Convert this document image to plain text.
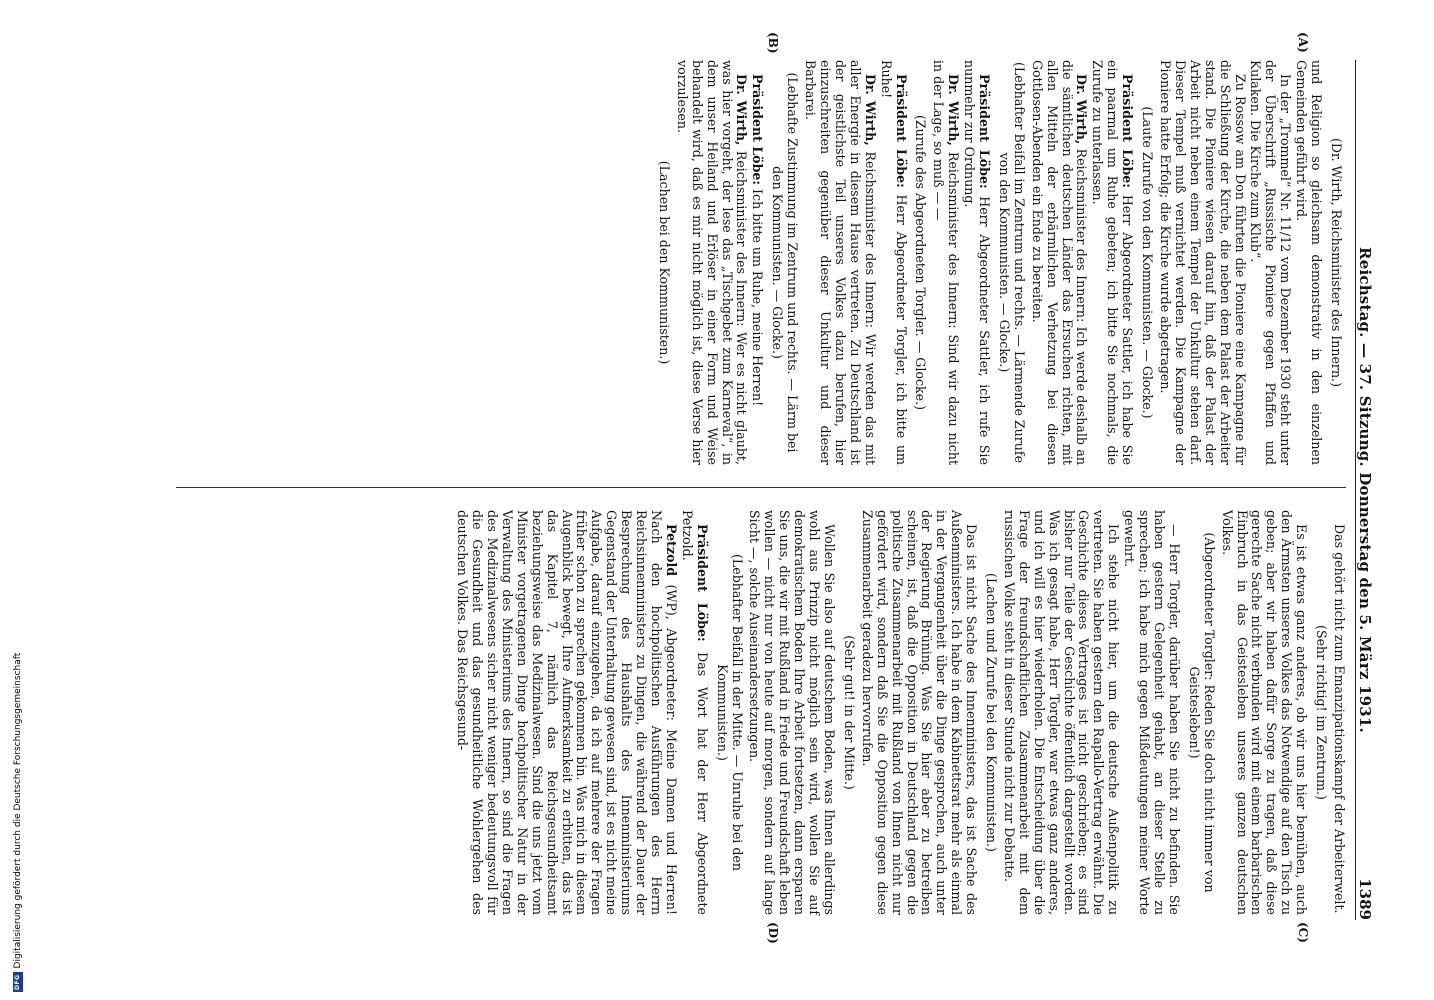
DFG
Digitalisierung gefördert durch die Deutsche Forschungsgemeinschaft
Reichstag. — 37. Sitzung. Donnerstag den 5. März 1931.
1389
(A)
(B)
(C)
(D)

(Dr. Wirth, Reichsminister des Innern.)

und Religion so gleichsam demonstrativ in den einzelnen Gemeinden geführt wird.

In der „Trommel“ Nr. 11/12 vom Dezember 1930 steht unter der Überschrift „Russische Pioniere gegen Pfaffen und Kulaken. Die Kirche zum Klub“.

Zu Rossow am Don führten die Pioniere eine Kampagne für die Schließung der Kirche, die neben dem Palast der Arbeiter stand. Die Pioniere wiesen darauf hin, daß der Palast der Arbeit nicht neben einem Tempel der Unkultur stehen darf. Dieser Tempel muß vernichtet werden. Die Kampagne der Pioniere hatte Erfolg; die Kirche wurde abgetragen.

(Laute Zurufe von den Kommunisten. — Glocke.)

Präsident Löbe: Herr Abgeordneter Sattler, ich habe Sie ein paarmal um Ruhe gebeten; ich bitte Sie nochmals, die Zurufe zu unterlassen.

Dr. Wirth, Reichsminister des Innern: Ich werde deshalb an die sämtlichen deutschen Länder das Ersuchen richten, mit allen Mitteln der erbärmlichen Verhetzung bei diesen Gottlosen-Abenden ein Ende zu bereiten.

(Lebhafter Beifall im Zentrum und rechts. — Lärmende Zurufe von den Kommunisten. — Glocke.)

Präsident Löbe: Herr Abgeordneter Sattler, ich rufe Sie nunmehr zur Ordnung.

Dr. Wirth, Reichsminister des Innern: Sind wir dazu nicht in der Lage, so muß — —

(Zurufe des Abgeordneten Torgler. — Glocke.)

Präsident Löbe: Herr Abgeordneter Torgler, ich bitte um Ruhe!

Dr. Wirth, Reichsminister des Innern: Wir werden das mit aller Energie in diesem Hause vertreten. Zu Deutschland ist der geistlichste Teil unseres Volkes dazu berufen, hier einzuschreiten gegenüber dieser Unkultur und dieser Barbarei.

(Lebhafte Zustimmung im Zentrum und rechts. — Lärm bei den Kommunisten. — Glocke.)

Präsident Löbe: Ich bitte um Ruhe, meine Herren!

Dr. Wirth, Reichsminister des Innern: Wer es nicht glaubt, was hier vorgeht, der lese das „Tischgebet zum Karneval“, in dem unser Heiland und Erlöser in einer Form und Weise behandelt wird, daß es mir nicht möglich ist, diese Verse hier vorzulesen.

(Lachen bei den Kommunisten.)

Das gehört nicht zum Emanzipationskampf der Arbeiterwelt.

(Sehr richtig! im Zentrum.)

Es ist etwas ganz anderes, ob wir uns hier bemühen, auch den Ärmsten unseres Volkes das Notwendige auf den Tisch zu geben; aber wir haben dafür Sorge zu tragen, daß diese gerechte Sache nicht verbunden wird mit einem barbarischen Einbruch in das Geistesleben unseres ganzen deutschen Volkes.

(Abgeordneter Torgler: Reden Sie doch nicht immer von Geistesleben!)

— Herr Torgler, darüber haben Sie nicht zu befinden. Sie haben gestern Gelegenheit gehabt, an dieser Stelle zu sprechen; ich habe mich gegen Mißdeutungen meiner Worte gewehrt.

Ich stehe nicht hier, um die deutsche Außenpolitik zu vertreten. Sie haben gestern den Rapallo-Vertrag erwähnt. Die Geschichte dieses Vertrages ist nicht geschrieben; es sind bisher nur Teile der Geschichte öffentlich dargestellt worden. Was ich gesagt habe, Herr Torgler, war etwas ganz anderes, und ich will es hier wiederholen. Die Entscheidung über die Frage der freundschaftlichen Zusammenarbeit mit dem russischen Volke steht in dieser Stunde nicht zur Debatte.

(Lachen und Zurufe bei den Kommunisten.)

Das ist nicht Sache des Innenministers, das ist Sache des Außenministers. Ich habe in dem Kabinettsrat mehr als einmal in der Vergangenheit über die Dinge gesprochen, auch unter der Regierung Brüning. Was Sie hier aber zu betreiben scheinen, ist, daß die Opposition in Deutschland gegen die politische Zusammenarbeit mit Rußland von Ihnen nicht nur gefördert wird, sondern daß Sie die Opposition gegen diese Zusammenarbeit geradezu hervorrufen.

(Sehr gut! in der Mitte.)

Wollen Sie also auf deutschem Boden, was Ihnen allerdings wohl aus Prinzip nicht möglich sein wird, wollen Sie auf demokratischem Boden Ihre Arbeit fortsetzen, dann ersparen Sie uns, die wir mit Rußland in Friede und Freundschaft leben wollen — nicht nur von heute auf morgen, sondern auf lange Sicht —, solche Auseinandersetzungen.

(Lebhafter Beifall in der Mitte. — Unruhe bei den Kommunisten.)

Präsident Löbe: Das Wort hat der Herr Abgeordnete Petzold.

Petzold (WP), Abgeordneter: Meine Damen und Herren! Nach den hochpolitischen Ausführungen des Herrn Reichsinnenministers zu Dingen, die während der Dauer der Besprechung des Haushalts des Innenministeriums Gegenstand der Unterhaltung gewesen sind, ist es nicht meine Aufgabe, darauf einzugehen, da ich auf mehrere der Fragen früher schon zu sprechen gekommen bin. Was mich in diesem Augenblick bewegt, Ihre Aufmerksamkeit zu erbitten, das ist das Kapitel 7, nämlich das Reichsgesundheitsamt beziehungsweise das Medizinalwesen. Sind die uns jetzt vom Minister vorgetragenen Dinge hochpolitischer Natur in der Verwaltung des Ministeriums des Innern, so sind die Fragen des Medizinalwesens sicher nicht weniger bedeutungsvoll für die Gesundheit und das gesundheitliche Wohlergehen des deutschen Volkes. Das Reichsgesund-
